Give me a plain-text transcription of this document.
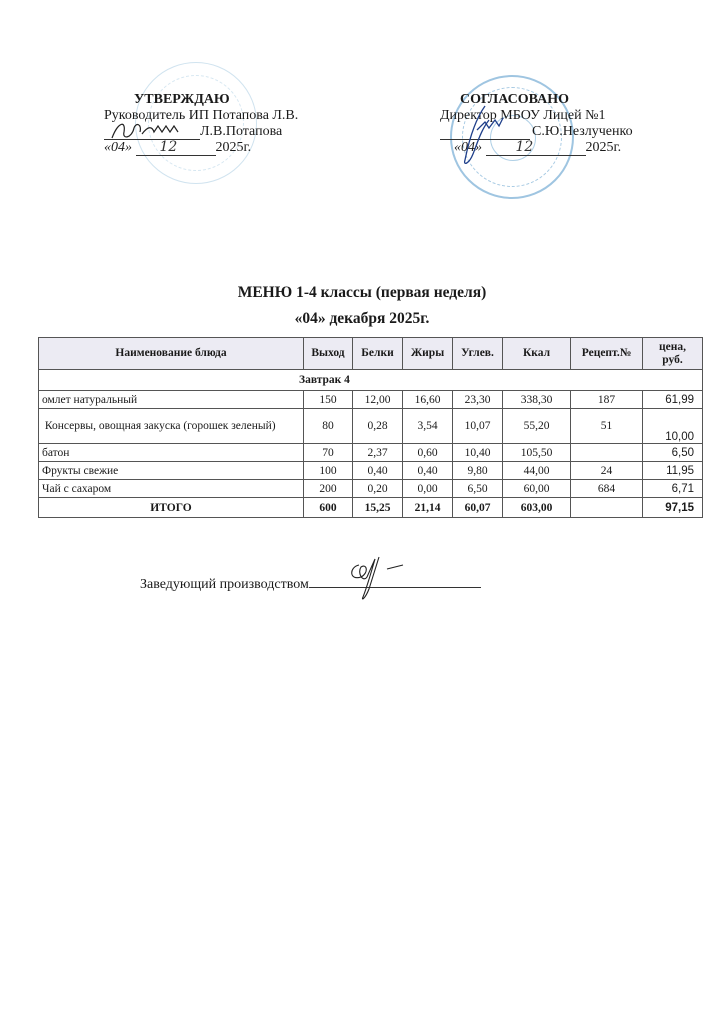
УТВЕРЖДАЮ
Руководитель ИП Потапова Л.В.
Л.В.Потапова
«04» 12	2025г.
СОГЛАСОВАНО
Директор МБОУ Лицей №1
С.Ю.Незлученко
«04» 12	2025г.
МЕНЮ 1-4 классы (первая неделя)
«04» декабря 2025г.
Наименование блюда	Выход	Белки	Жиры	Углев.	Ккал	Рецепт.№	цена, руб.
Завтрак 4							
омлет натуральный	150	12,00	16,60	23,30	338,30	187	61,99
Консервы, овощная закуска (горошек зеленый)	80	0,28	3,54	10,07	55,20	51	10,00
батон	70	2,37	0,60	10,40	105,50		6,50
Фрукты свежие	100	0,40	0,40	9,80	44,00	24	11,95
Чай с сахаром	200	0,20	0,00	6,50	60,00	684	6,71
ИТОГО	600	15,25	21,14	60,07	603,00		97,15
Заведующий производством
